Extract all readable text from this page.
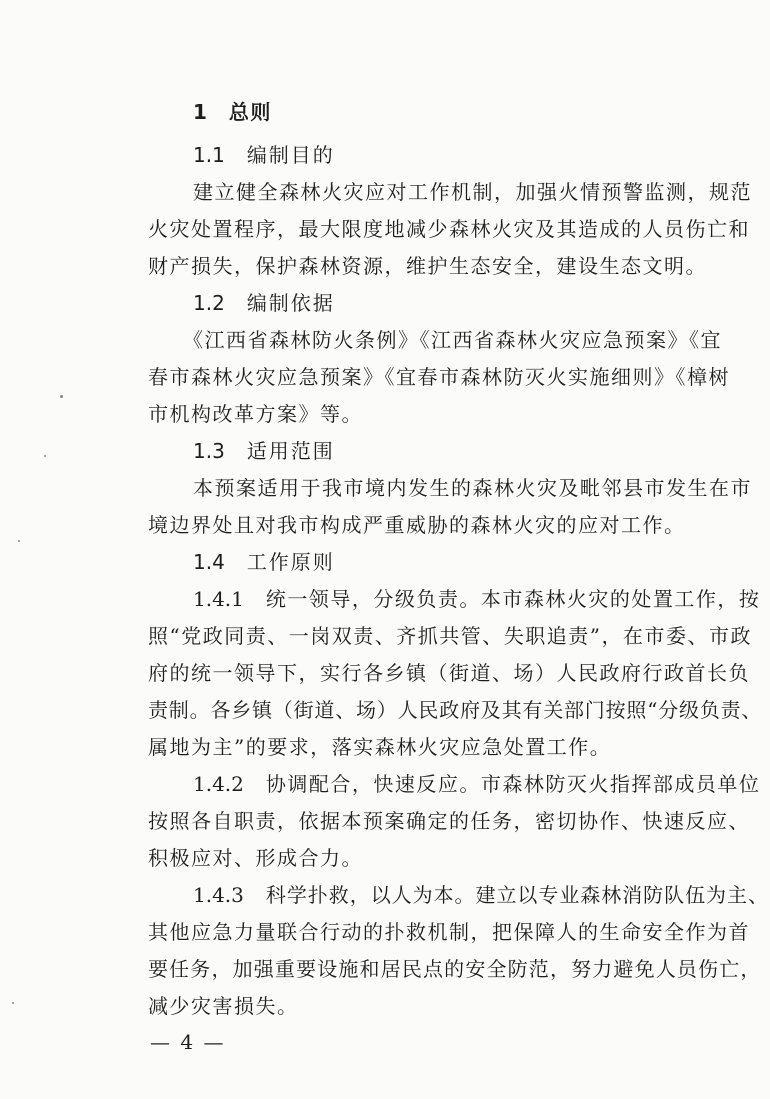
1 总则
1.1 编制目的
建立健全森林火灾应对工作机制，加强火情预警监测，规范
火灾处置程序，最大限度地减少森林火灾及其造成的人员伤亡和
财产损失，保护森林资源，维护生态安全，建设生态文明。
1.2 编制依据
《江西省森林防火条例》《江西省森林火灾应急预案》《宜
春市森林火灾应急预案》《宜春市森林防灭火实施细则》《樟树
市机构改革方案》等。
1.3 适用范围
本预案适用于我市境内发生的森林火灾及毗邻县市发生在市
境边界处且对我市构成严重威胁的森林火灾的应对工作。
1.4 工作原则
1.4.1 统一领导，分级负责。本市森林火灾的处置工作，按
照“党政同责、一岗双责、齐抓共管、失职追责”，在市委、市政
府的统一领导下，实行各乡镇（街道、场）人民政府行政首长负
责制。各乡镇（街道、场）人民政府及其有关部门按照“分级负责、
属地为主”的要求，落实森林火灾应急处置工作。
1.4.2 协调配合，快速反应。市森林防灭火指挥部成员单位
按照各自职责，依据本预案确定的任务，密切协作、快速反应、
积极应对、形成合力。
1.4.3 科学扑救，以人为本。建立以专业森林消防队伍为主、
其他应急力量联合行动的扑救机制，把保障人的生命安全作为首
要任务，加强重要设施和居民点的安全防范，努力避免人员伤亡，
减少灾害损失。
— 4 —
